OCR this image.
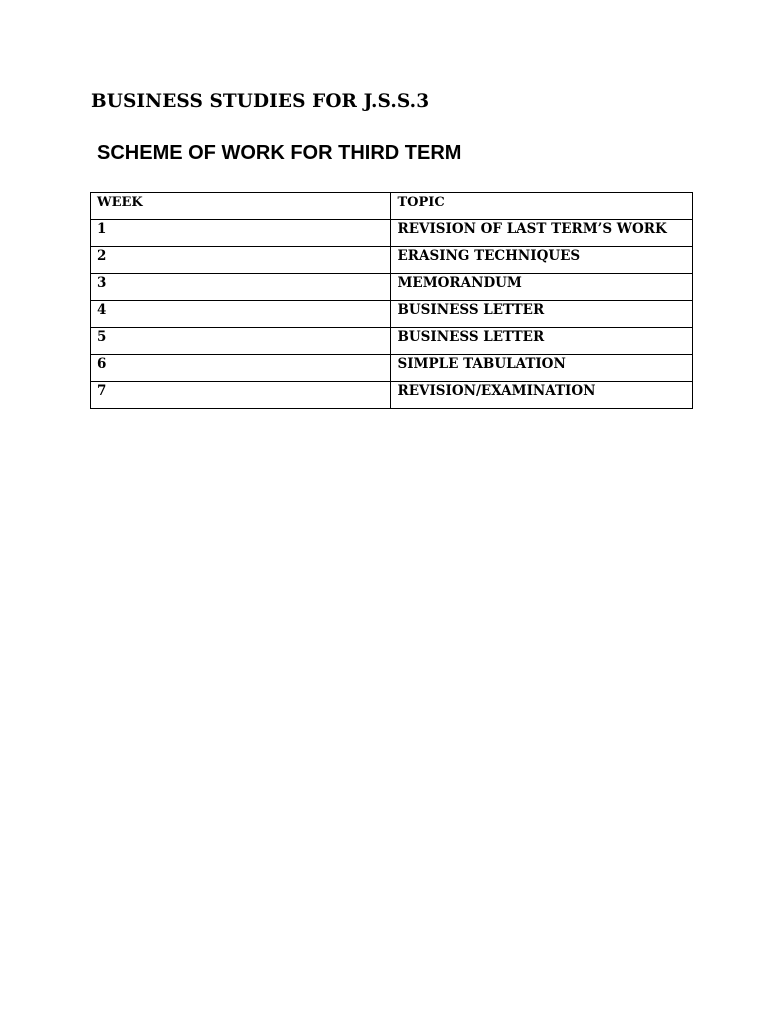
BUSINESS STUDIES FOR J.S.S.3
SCHEME OF WORK FOR THIRD TERM
WEEK	TOPIC
1	REVISION OF LAST TERM’S WORK
2	ERASING TECHNIQUES
3	MEMORANDUM
4	BUSINESS LETTER
5	BUSINESS LETTER
6	SIMPLE TABULATION
7	REVISION/EXAMINATION
